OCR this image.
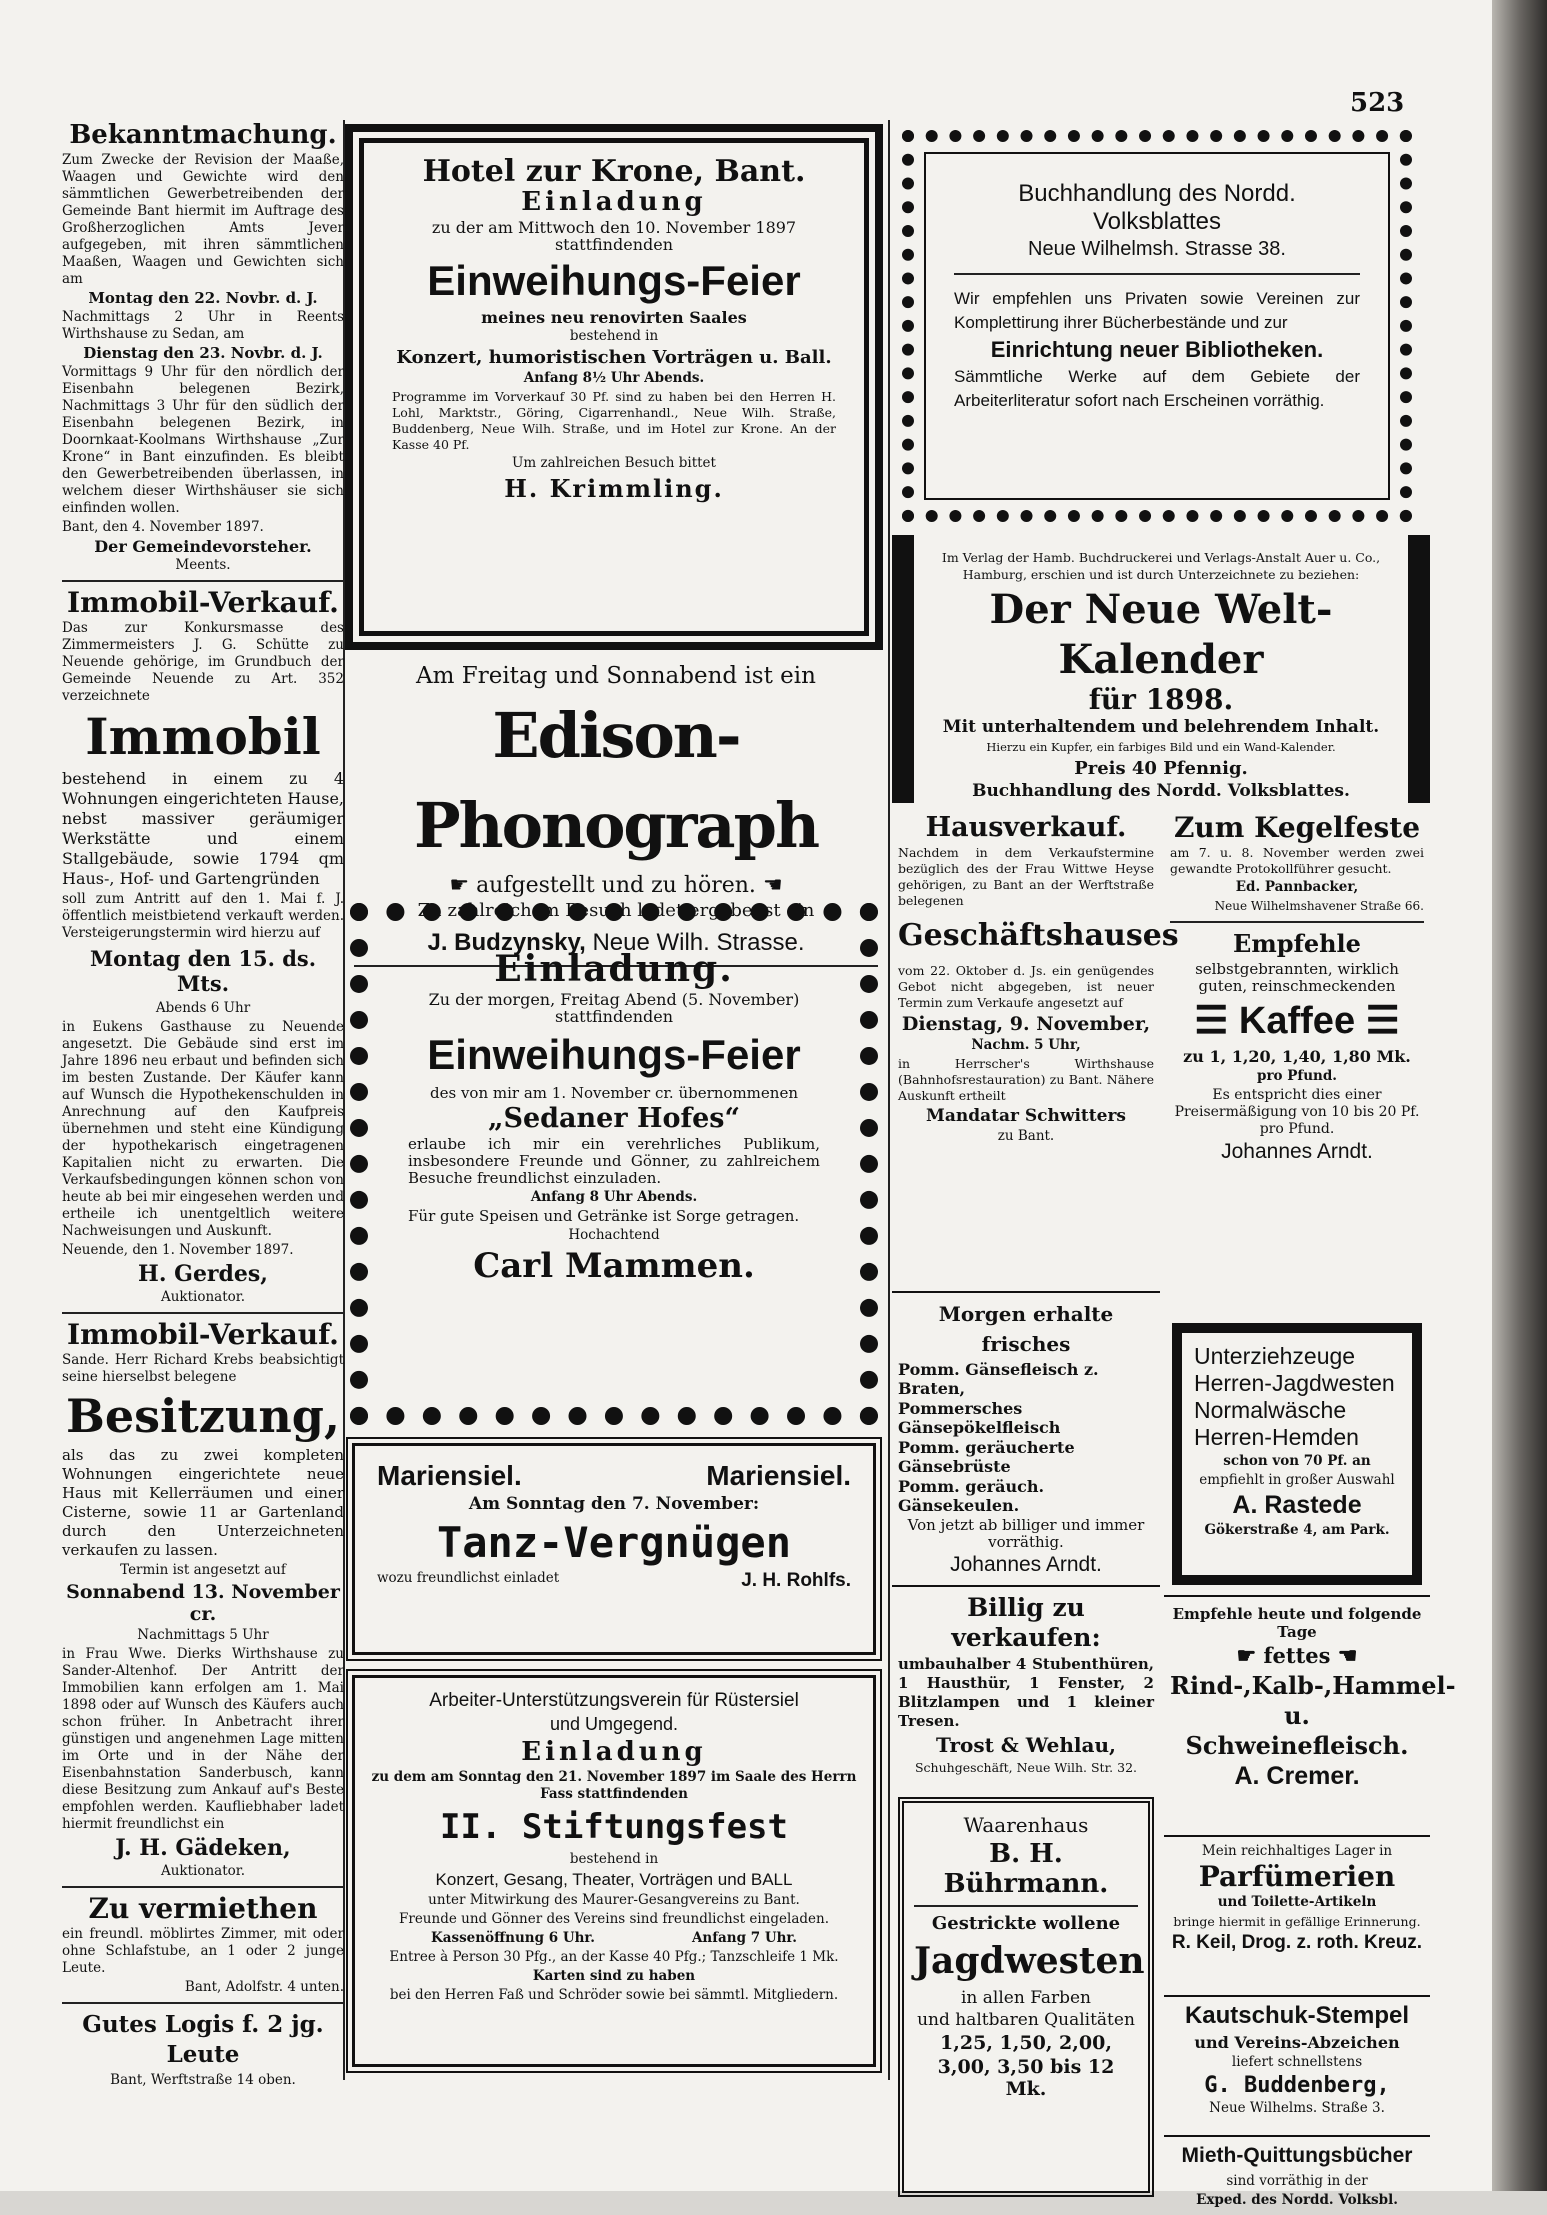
523
Bekanntmachung.

Zum Zwecke der Revision der Maaße, Waagen und Gewichte wird den sämmtlichen Gewerbetreibenden der Gemeinde Bant hiermit im Auftrage des Großherzoglichen Amts Jever aufgegeben, mit ihren sämmtlichen Maaßen, Waagen und Gewichten sich am

Montag den 22. Novbr. d. J.

Nachmittags 2 Uhr in Reents Wirthshause zu Sedan, am

Dienstag den 23. Novbr. d. J.

Vormittags 9 Uhr für den nördlich der Eisenbahn belegenen Bezirk, Nachmittags 3 Uhr für den südlich der Eisenbahn belegenen Bezirk, in Doornkaat-Koolmans Wirthshause „Zur Krone“ in Bant einzufinden. Es bleibt den Gewerbetreibenden überlassen, in welchem dieser Wirthshäuser sie sich einfinden wollen.

Bant, den 4. November 1897.

Der Gemeindevorsteher.

Meents.

Immobil-Verkauf.

Das zur Konkursmasse des Zimmermeisters J. G. Schütte zu Neuende gehörige, im Grundbuch der Gemeinde Neuende zu Art. 352 verzeichnete

Immobil

bestehend in einem zu 4 Wohnungen eingerichteten Hause, nebst massiver geräumiger Werkstätte und einem Stallgebäude, sowie 1794 qm Haus-, Hof- und Gartengründen

soll zum Antritt auf den 1. Mai f. J. öffentlich meistbietend verkauft werden. Versteigerungstermin wird hierzu auf

Montag den 15. ds. Mts.

Abends 6 Uhr

in Eukens Gasthause zu Neuende angesetzt. Die Gebäude sind erst im Jahre 1896 neu erbaut und befinden sich im besten Zustande. Der Käufer kann auf Wunsch die Hypothekenschulden in Anrechnung auf den Kaufpreis übernehmen und steht eine Kündigung der hypothekarisch eingetragenen Kapitalien nicht zu erwarten. Die Verkaufsbedingungen können schon von heute ab bei mir eingesehen werden und ertheile ich unentgeltlich weitere Nachweisungen und Auskunft.

Neuende, den 1. November 1897.

H. Gerdes,

Auktionator.

Immobil-Verkauf.

Sande. Herr Richard Krebs beabsichtigt seine hierselbst belegene

Besitzung,

als das zu zwei kompleten Wohnungen eingerichtete neue Haus mit Kellerräumen und einer Cisterne, sowie 11 ar Gartenland durch den Unterzeichneten verkaufen zu lassen.

Termin ist angesetzt auf

Sonnabend 13. November cr.

Nachmittags 5 Uhr

in Frau Wwe. Dierks Wirthshause zu Sander-Altenhof. Der Antritt der Immobilien kann erfolgen am 1. Mai 1898 oder auf Wunsch des Käufers auch schon früher. In Anbetracht ihrer günstigen und angenehmen Lage mitten im Orte und in der Nähe der Eisenbahnstation Sanderbusch, kann diese Besitzung zum Ankauf auf's Beste empfohlen werden. Kaufliebhaber ladet hiermit freundlichst ein

J. H. Gädeken,

Auktionator.

Zu vermiethen

ein freundl. möblirtes Zimmer, mit oder ohne Schlafstube, an 1 oder 2 junge Leute.

Bant, Adolfstr. 4 unten.

Gutes Logis f. 2 jg. Leute

Bant, Werftstraße 14 oben.

Hotel zur Krone, Bant.
Einladung

zu der am Mittwoch den 10. November 1897 stattfindenden

Einweihungs-Feier

meines neu renovirten Saales

bestehend in

Konzert, humoristischen Vorträgen u. Ball.

Anfang 8½ Uhr Abends.

Programme im Vorverkauf 30 Pf. sind zu haben bei den Herren H. Lohl, Marktstr., Göring, Cigarrenhandl., Neue Wilh. Straße, Buddenberg, Neue Wilh. Straße, und im Hotel zur Krone. An der Kasse 40 Pf.

Um zahlreichen Besuch bittet

H. Krimmling.

Am Freitag und Sonnabend ist ein

Edison-Phonograph

☛ aufgestellt und zu hören. ☚

Zu zahlreichem Besuch ladet ergebenst ein

J. Budzynsky, Neue Wilh. Strasse.

Einladung.

Zu der morgen, Freitag Abend (5. November) stattfindenden

Einweihungs-Feier

des von mir am 1. November cr. übernommenen

„Sedaner Hofes“

erlaube ich mir ein verehrliches Publikum, insbesondere Freunde und Gönner, zu zahlreichem Besuche freundlichst einzuladen.

Anfang 8 Uhr Abends.

Für gute Speisen und Getränke ist Sorge getragen.

Hochachtend

Carl Mammen.
Mariensiel.	Mariensiel.

Am Sonntag den 7. November:

Tanz-Vergnügen
wozu freundlichst einladet	J. H. Rohlfs.

Arbeiter-Unterstützungsverein für Rüstersiel

und Umgegend.

Einladung

zu dem am Sonntag den 21. November 1897 im Saale des Herrn Fass stattfindenden

II. Stiftungsfest

bestehend in

Konzert, Gesang, Theater, Vorträgen und BALL

unter Mitwirkung des Maurer-Gesangvereins zu Bant.

Freunde und Gönner des Vereins sind freundlichst eingeladen.

Kassenöffnung 6 Uhr.	Anfang 7 Uhr.

Entree à Person 30 Pfg., an der Kasse 40 Pfg.; Tanzschleife 1 Mk.

Karten sind zu haben

bei den Herren Faß und Schröder sowie bei sämmtl. Mitgliedern.

Buchhandlung des Nordd. Volksblattes

Neue Wilhelmsh. Strasse 38.

Wir empfehlen uns Privaten sowie Vereinen zur Komplettirung ihrer Bücherbestände und zur

Einrichtung neuer Bibliotheken.

Sämmtliche Werke auf dem Gebiete der Arbeiterliteratur sofort nach Erscheinen vorräthig.

Im Verlag der Hamb. Buchdruckerei und Verlags-Anstalt Auer u. Co., Hamburg, erschien und ist durch Unterzeichnete zu beziehen:

Der Neue Welt-Kalender
für 1898.

Mit unterhaltendem und belehrendem Inhalt.

Hierzu ein Kupfer, ein farbiges Bild und ein Wand-Kalender.

Preis 40 Pfennig.

Buchhandlung des Nordd. Volksblattes.

Hausverkauf.

Nachdem in dem Verkaufstermine bezüglich des der Frau Wittwe Heyse gehörigen, zu Bant an der Werftstraße belegenen

Geschäftshauses

vom 22. Oktober d. Js. ein genügendes Gebot nicht abgegeben, ist neuer Termin zum Verkaufe angesetzt auf

Dienstag, 9. November,

Nachm. 5 Uhr,

in Herrscher's Wirthshause (Bahnhofsrestauration) zu Bant. Nähere Auskunft ertheilt

Mandatar Schwitters

zu Bant.

Zum Kegelfeste

am 7. u. 8. November werden zwei gewandte Protokollführer gesucht.

Ed. Pannbacker,

Neue Wilhelmshavener Straße 66.

Empfehle

selbstgebrannten, wirklich guten, reinschmeckenden

☰ Kaffee ☰

zu 1, 1,20, 1,40, 1,80 Mk.

pro Pfund.

Es entspricht dies einer Preisermäßigung von 10 bis 20 Pf. pro Pfund.

Johannes Arndt.

Morgen erhalte frisches

Pomm. Gänsefleisch z. Braten,

Pommersches Gänsepökelfleisch

Pomm. geräucherte Gänsebrüste

Pomm. geräuch. Gänsekeulen.

Von jetzt ab billiger und immer vorräthig.

Johannes Arndt.

Unterziehzeuge

Herren-Jagdwesten

Normalwäsche

Herren-Hemden

schon von 70 Pf. an

empfiehlt in großer Auswahl

A. Rastede

Gökerstraße 4, am Park.

Billig zu verkaufen:

umbauhalber 4 Stubenthüren, 1 Hausthür, 1 Fenster, 2 Blitzlampen und 1 kleiner Tresen.

Trost & Wehlau,

Schuhgeschäft, Neue Wilh. Str. 32.

Empfehle heute und folgende Tage

☛ fettes ☚

Rind-,Kalb-,Hammel-
u. Schweinefleisch.
A. Cremer.

Waarenhaus

B. H. Bührmann.

Gestrickte wollene

Jagdwesten

in allen Farben

und haltbaren Qualitäten

1,25, 1,50, 2,00,

3,00, 3,50 bis 12 Mk.

Mein reichhaltiges Lager in

Parfümerien

und Toilette-Artikeln

bringe hiermit in gefällige Erinnerung.

R. Keil, Drog. z. roth. Kreuz.

Kautschuk-Stempel

und Vereins-Abzeichen

liefert schnellstens

G. Buddenberg,

Neue Wilhelms. Straße 3.

Mieth-Quittungsbücher

sind vorräthig in der

Exped. des Nordd. Volksbl.
